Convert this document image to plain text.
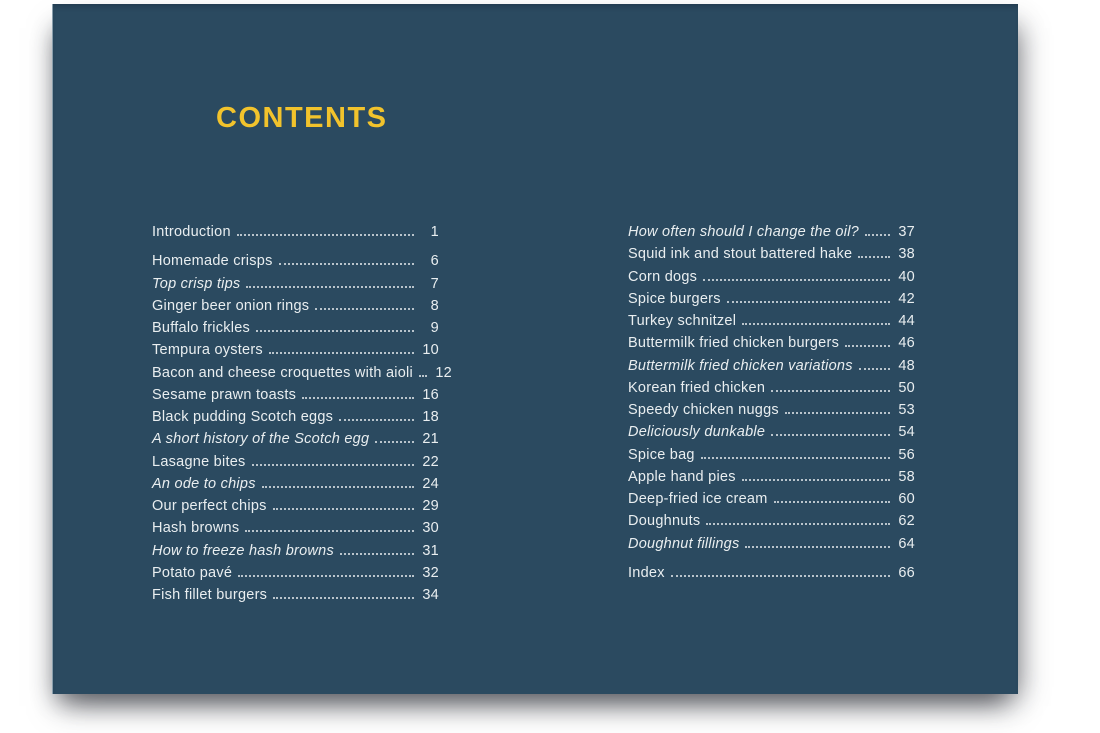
CONTENTS
Introduction	1
Homemade crisps	6
Top crisp tips	7
Ginger beer onion rings	8
Buffalo frickles	9
Tempura oysters	10
Bacon and cheese croquettes with aioli 12
Sesame prawn toasts	16
Black pudding Scotch eggs	18
A short history of the Scotch egg	21
Lasagne bites	22
An ode to chips	24
Our perfect chips	29
Hash browns	30
How to freeze hash browns	31
Potato pavé	32
Fish fillet burgers	34
How often should I change the oil?	37
Squid ink and stout battered hake	38
Corn dogs	40
Spice burgers	42
Turkey schnitzel	44
Buttermilk fried chicken burgers	46
Buttermilk fried chicken variations	48
Korean fried chicken	50
Speedy chicken nuggs	53
Deliciously dunkable	54
Spice bag	56
Apple hand pies	58
Deep-fried ice cream	60
Doughnuts	62
Doughnut fillings	64
Index	66
